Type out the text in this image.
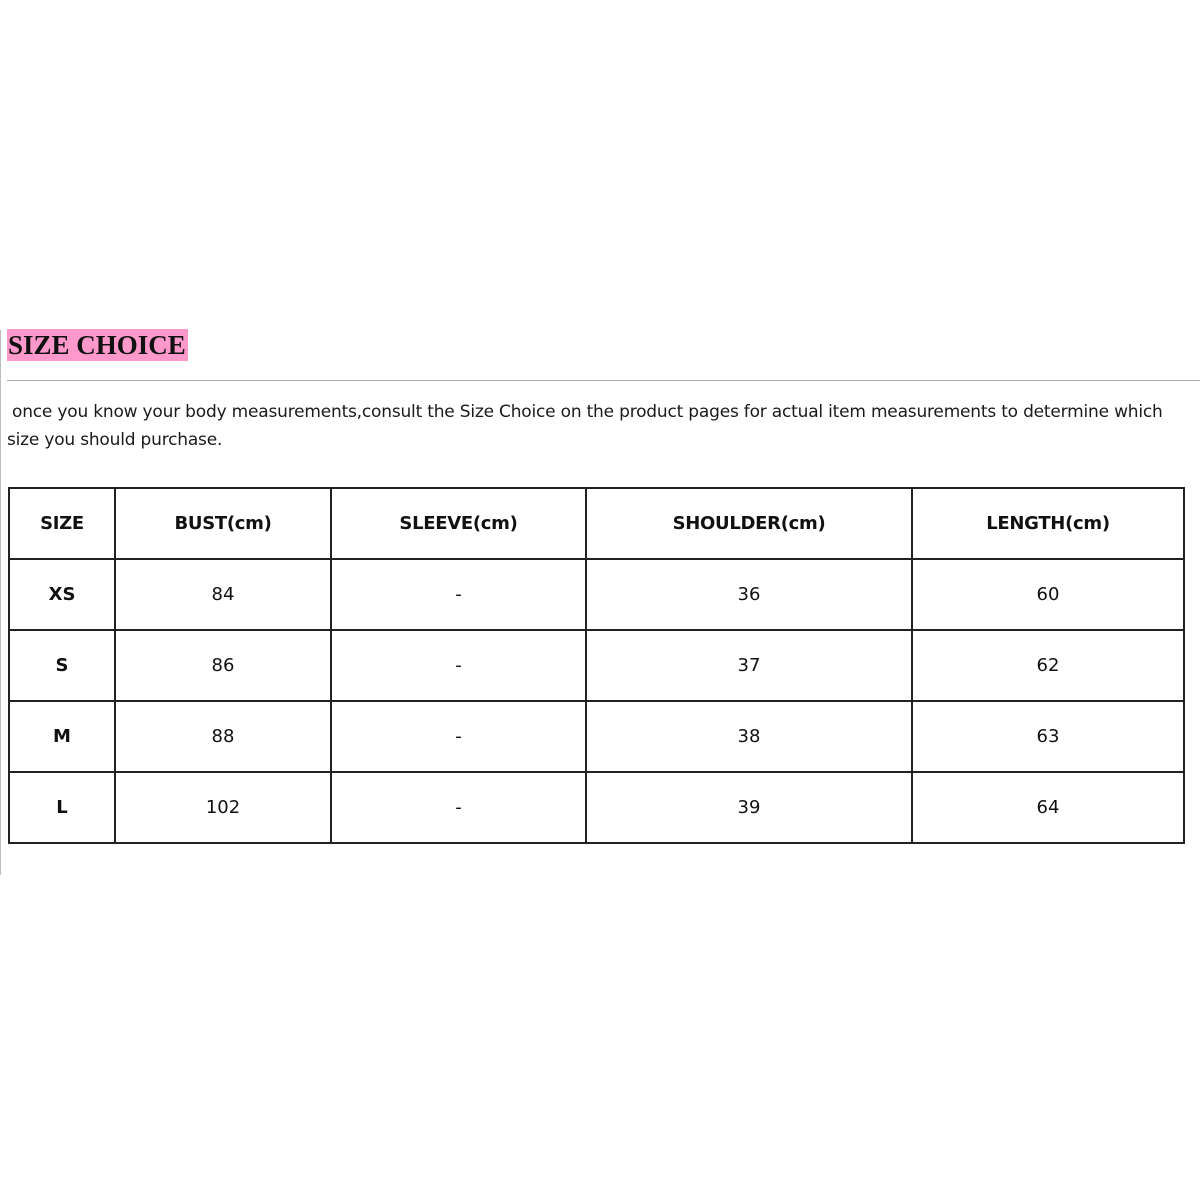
SIZE CHOICE
once you know your body measurements,consult the Size Choice on the product pages for actual item measurements to determine which size you should purchase.
SIZE	BUST(cm)	SLEEVE(cm)	SHOULDER(cm)	LENGTH(cm)
XS	84	-	36	60
S	86	-	37	62
M	88	-	38	63
L	102	-	39	64
